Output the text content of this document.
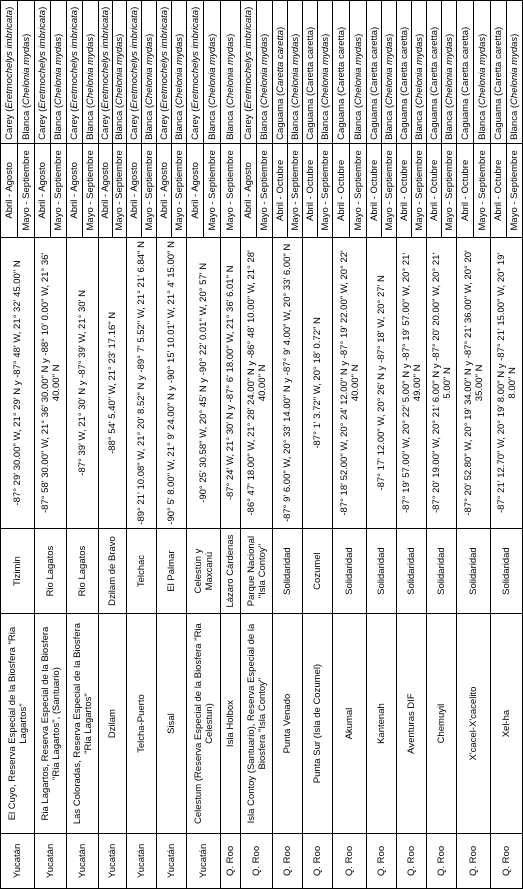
Yucatán	El Cuyo, Reserva Especial de la Biosfera "Ria Lagartos"	Tizimin	-87° 29' 30.00" W, 21° 29' N y -87° 48' W, 21° 32' 45.00" N	Abril - Agosto	Carey (Eretmochelys imbricata)
				Mayo - Septiembre	Blanca (Chelonia mydas)
Yucatán	Ria Lagartos, Reserva Especial de la Biosfera "Ria Lagartos", (Santuario)	Rio Lagatos	-87° 58' 30.00" W, 21° 36' 30.00" N y -88° 10' 0.00" W, 21° 36' 40.00" N	Abril - Agosto	Carey (Eretmochelys imbricata)
				Mayo - Septiembre	Blanca (Chelonia mydas)
Yucatán	Las Coloradas, Reserva Especial de la Biosfera "Ria Lagartos"	Rio Lagatos	-87° 39' W, 21° 30' N y -87° 39' W, 21° 30' N	Abril - Agosto	Carey (Eretmochelys imbricata)
				Mayo - Septiembre	Blanca (Chelonia mydas)
Yucatán	Dzilam	Dzilam de Bravo	-88° 54' 5.40" W, 21° 23' 17.16" N	Abril - Agosto	Carey (Eretmochelys imbricata)
				Mayo - Septiembre	Blanca (Chelonia mydas)
Yucatán	Telcha-Puerto	Telchac	-89° 21' 10.08" W, 21° 20' 8.52" N y -89° 7' 5.52" W, 21° 21' 6.84" N	Abril - Agosto	Carey (Eretmochelys imbricata)
				Mayo - Septiembre	Blanca (Chelonia mydas)
Yucatán	Sisal	El Palmar	-90° 5' 8.00" W, 21° 9' 24.00" N y -90° 15' 10.01" W, 21° 4' 15.00" N	Abril - Agosto	Carey (Eretmochelys imbricata)
				Mayo - Septiembre	Blanca (Chelonia mydas)
Yucatán	Celestum (Reserva Especial de la Biosfera "Ria Celestun)	Celestún y Maxcanú	-90° 25' 30.58" W, 20° 45' N y -90° 22' 0.01" W, 20° 57' N	Abril - Agosto	Carey (Eretmochelys imbricata)
				Mayo - Septiembre	Blanca (Chelonia mydas)
Q. Roo	Isla Holbox	Lázaro Cárdenas	-87° 24' W, 21° 30' N y -87° 6' 18.00" W, 21° 36' 6.01" N	Mayo - Septiembre	Blanca (Chelonia mydas)
Q. Roo	Isla Contoy (Santuario), Reserva Especial de la Biosfera "Isla Contoy"	Parque Nacional "Isla Contoy"	-86° 47' 18.00" W, 21° 28' 24.00" N y -86° 48' 10.00" W, 21° 28' 40.00" N	Abril - Agosto	Carey (Eretmochelys imbricata)
				Mayo - Septiembre	Blanca (Chelonia mydas)
Q. Roo	Punta Venado	Solidaridad	-87° 9' 6.00" W, 20° 33' 14.00" N y -87° 9' 4.00" W, 20° 33' 6.00" N	Abril - Octubre	Caguama (Caretta caretta)
				Mayo - Septiembre	Blanca (Chelonia mydas)
Q. Roo	Punta Sur (Isla de Cozumel)	Cozumel	-87° 1' 3.72" W, 20° 18' 0.72" N	Abril - Octubre	Caguama (Caretta caretta)
				Mayo - Septiembre	Blanca (Chelonia mydas)
Q. Roo	Akumal	Solidaridad	-87° 18' 52.00" W, 20° 24' 12.00" N y -87° 19' 22.00" W, 20° 22' 40.00" N	Abril - Octubre	Caguama (Caretta caretta)
				Mayo - Septiembre	Blanca (Chelonia mydas)
Q. Roo	Kantenah	Solidaridad	-87° 17' 12.00" W, 20° 26' N y -87° 18' W, 20° 27' N	Abril - Octubre	Caguama (Caretta caretta)
				Mayo - Septiembre	Blanca (Chelonia mydas)
Q. Roo	Aventuras DIF	Solidaridad	-87° 19' 57.00" W, 20° 22' 5.00" N y -87° 19' 57.00" W, 20° 21' 49.00" N	Abril - Octubre	Caguama (Caretta caretta)
				Mayo - Septiembre	Blanca (Chelonia mydas)
Q. Roo	Chemuyil	Solidaridad	-87° 20' 19.00" W, 20° 21' 6.00" N y -87° 20' 20.00" W, 20° 21' 5.00" N	Abril - Octubre	Caguama (Caretta caretta)
				Mayo - Septiembre	Blanca (Chelonia mydas)
Q. Roo	X'cacel-X'cacelito	Solidaridad	-87° 20' 52.80" W, 20° 19' 34.00" N y -87° 21' 36.00" W, 20° 20' 35.00" N	Abril - Octubre	Caguama (Caretta caretta)
				Mayo - Septiembre	Blanca (Chelonia mydas)
Q. Roo	Xel-ha	Solidaridad	-87° 21' 12.70" W, 20° 19' 8.00" N y -87° 21' 15.00" W, 20° 19' 8.00" N	Abril - Octubre	Caguama (Caretta caretta)
				Mayo - Septiembre	Blanca (Chelonia mydas)
